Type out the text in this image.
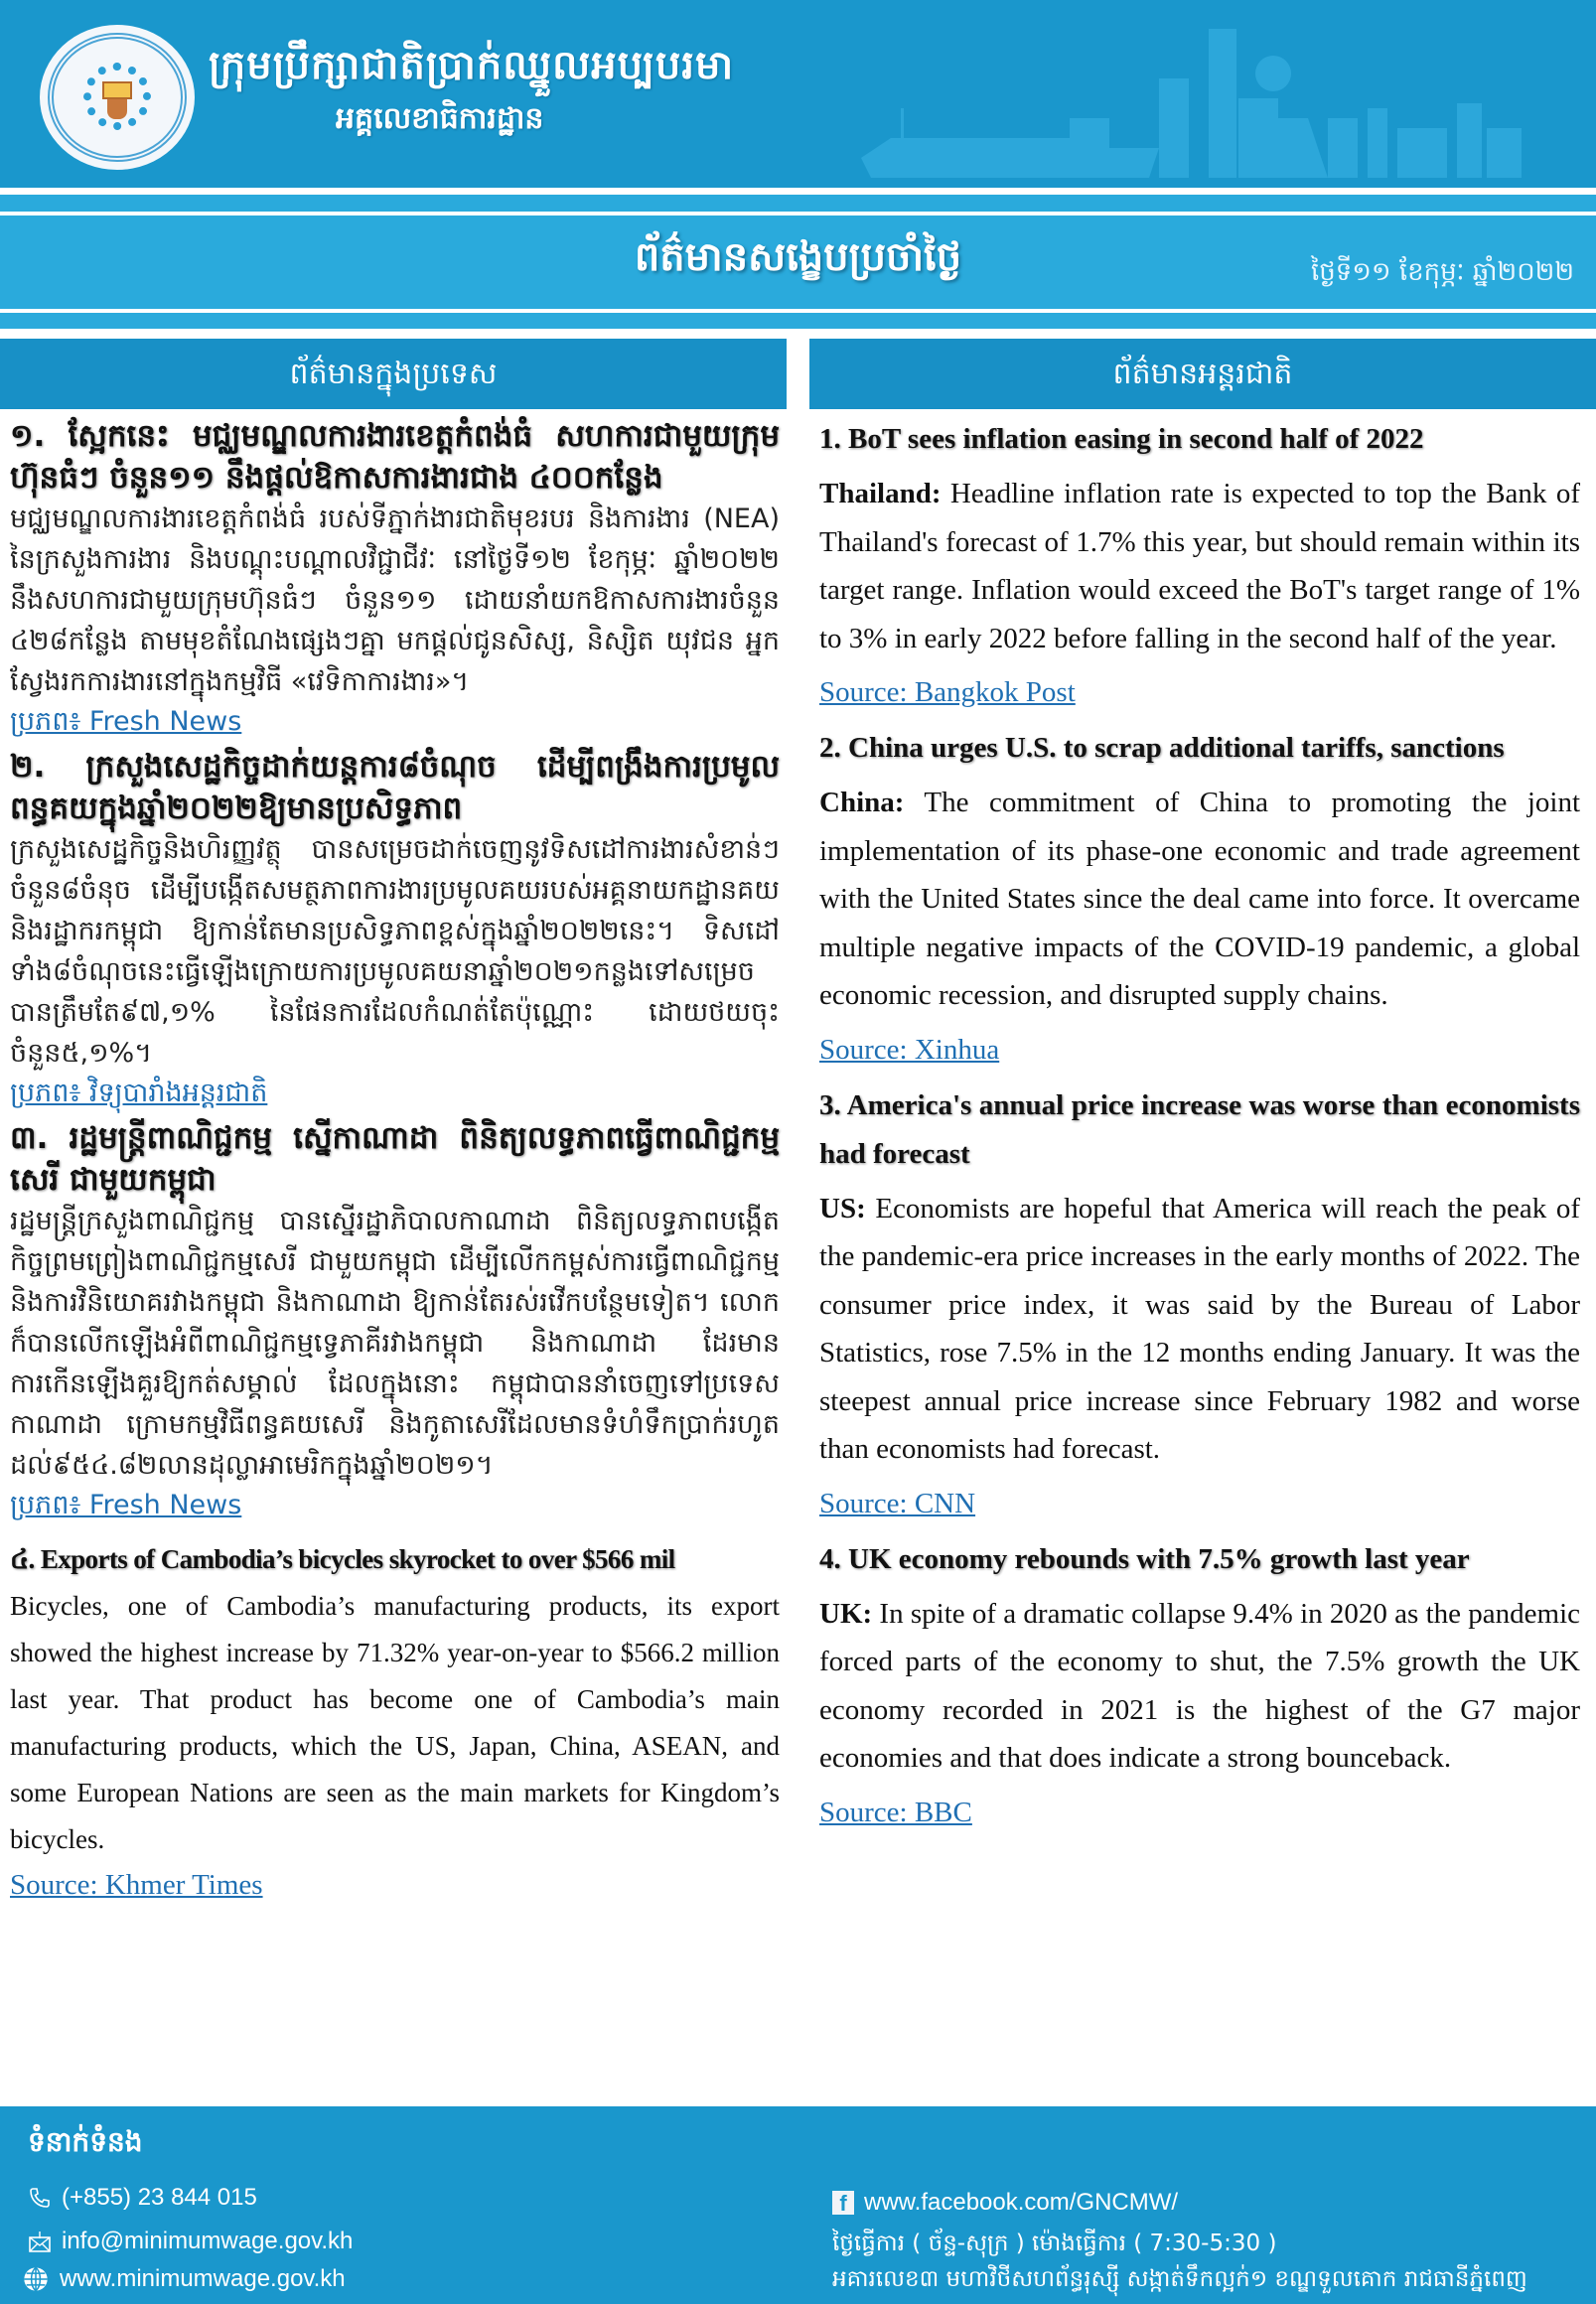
ក្រុមប្រឹក្សាជាតិប្រាក់ឈ្នួលអប្បបរមា
អគ្គលេខាធិការដ្ឋាន
ព័ត៌មានសង្ខេបប្រចាំថ្ងៃ	ថ្ងៃទី១១ ខែកុម្ភៈ ឆ្នាំ២០២២
ព័ត៌មានក្នុងប្រទេស	ព័ត៌មានអន្តរជាតិ
១. ស្អែកនេះ មជ្ឈមណ្ឌលការងារខេត្តកំពង់ធំ សហការជាមួយក្រុមហ៊ុនធំៗ ចំនួន១១ នឹងផ្ដល់ឱកាសការងារជាង ៤០០កន្លែង
មជ្ឈមណ្ឌលការងារខេត្តកំពង់ធំ របស់ទីភ្នាក់ងារជាតិមុខរបរ និងការងារ (NEA) នៃក្រសួងការងារ និងបណ្តុះបណ្តាលវិជ្ជាជីវៈ នៅថ្ងៃទី១២ ខែកុម្ភៈ ឆ្នាំ២០២២ នឹងសហការជាមួយក្រុមហ៊ុនធំៗ ចំនួន១១ ដោយនាំយកឱកាសការងារចំនួន ៤២៨កន្លែង តាមមុខតំណែងផ្សេងៗគ្នា មកផ្តល់ជូនសិស្ស, និស្សិត យុវជន អ្នកស្វែងរកការងារនៅក្នុងកម្មវិធី «វេទិកាការងារ»។
ប្រភព៖ Fresh News
២. ក្រសួងសេដ្ឋកិច្ចដាក់យន្តការ៨ចំណុច ដើម្បីពង្រឹងការប្រមូលពន្ធគយក្នុងឆ្នាំ២០២២ឱ្យមានប្រសិទ្ធភាព
ក្រសួងសេដ្ឋកិច្ចនិងហិរញ្ញវត្ថុ បានសម្រេចដាក់ចេញនូវទិសដៅការងារសំខាន់ៗចំនួន៨ចំនុច ដើម្បីបង្កើតសមត្ថភាពការងារប្រមូលគយរបស់អគ្គនាយកដ្ឋានគយនិងរដ្ឋាករកម្ពុជា ឱ្យកាន់តែមានប្រសិទ្ធភាពខ្ពស់ក្នុងឆ្នាំ២០២២នេះ។ ទិសដៅទាំង៨ចំណុចនេះធ្វើឡើងក្រោយការប្រមូលគយនាឆ្នាំ២០២១កន្លងទៅសម្រេចបានត្រឹមតែ៩៧,១% នៃផែនការដែលកំណត់តែប៉ុណ្ណោះ ដោយថយចុះចំនួន៥,១%។
ប្រភព៖ វិទ្យុបារាំងអន្តរជាតិ
៣. រដ្ឋមន្ត្រីពាណិជ្ជកម្ម ស្នើកាណាដា ពិនិត្យលទ្ធភាពធ្វើពាណិជ្ជកម្មសេរី ជាមួយកម្ពុជា
រដ្ឋមន្ត្រីក្រសួងពាណិជ្ជកម្ម បានស្នើរដ្ឋាភិបាលកាណាដា ពិនិត្យលទ្ធភាពបង្កើតកិច្ចព្រមព្រៀងពាណិជ្ជកម្មសេរី ជាមួយកម្ពុជា ដើម្បីលើកកម្ពស់ការធ្វើពាណិជ្ជកម្ម និងការវិនិយោគរវាងកម្ពុជា និងកាណាដា ឱ្យកាន់តែរស់រវើកបន្ថែមទៀត។ លោកក៏បានលើកឡើងអំពីពាណិជ្ជកម្មទ្វេភាគីរវាងកម្ពុជា និងកាណាដា ដែរមានការកើនឡើងគួរឱ្យកត់សម្គាល់ ដែលក្នុងនោះ កម្ពុជាបាននាំចេញទៅប្រទេសកាណាដា ក្រោមកម្មវិធីពន្ធគយសេរី និងកូតាសេរីដែលមានទំហំទឹកប្រាក់រហូតដល់៩៥៤.៨២លានដុល្លាអាមេរិកក្នុងឆ្នាំ២០២១។
ប្រភព៖ Fresh News
៤. Exports of Cambodia’s bicycles skyrocket to over $566 mil
Bicycles, one of Cambodia’s manufacturing products, its export showed the highest increase by 71.32% year-on-year to $566.2 million last year. That product has become one of Cambodia’s main manufacturing products, which the US, Japan, China, ASEAN, and some European Nations are seen as the main markets for Kingdom’s bicycles.
Source: Khmer Times
1. BoT sees inflation easing in second half of 2022
Thailand: Headline inflation rate is expected to top the Bank of Thailand's forecast of 1.7% this year, but should remain within its target range. Inflation would exceed the BoT's target range of 1% to 3% in early 2022 before falling in the second half of the year.
Source: Bangkok Post
2. China urges U.S. to scrap additional tariffs, sanctions
China: The commitment of China to promoting the joint implementation of its phase-one economic and trade agreement with the United States since the deal came into force. It overcame multiple negative impacts of the COVID-19 pandemic, a global economic recession, and disrupted supply chains.
Source: Xinhua
3. America's annual price increase was worse than economists had forecast
US: Economists are hopeful that America will reach the peak of the pandemic-era price increases in the early months of 2022. The consumer price index, it was said by the Bureau of Labor Statistics, rose 7.5% in the 12 months ending January. It was the steepest annual price increase since February 1982 and worse than economists had forecast.
Source: CNN
4. UK economy rebounds with 7.5% growth last year
UK: In spite of a dramatic collapse 9.4% in 2020 as the pandemic forced parts of the economy to shut, the 7.5% growth the UK economy recorded in 2021 is the highest of the G7 major economies and that does indicate a strong bounceback.
Source: BBC
ទំនាក់ទំនង
(+855) 23 844 015
info@minimumwage.gov.kh
www.minimumwage.gov.kh
f www.facebook.com/GNCMW/
ថ្ងៃធ្វើការ ( ច័ន្ទ-សុក្រ ) ម៉ោងធ្វើការ ( 7:30-5:30 )
អគារលេខ៣ មហាវិថីសហព័ន្ធរុស្ស៊ី សង្កាត់ទឹកល្អក់១ ខណ្ឌទួលគោក រាជធានីភ្នំពេញ
